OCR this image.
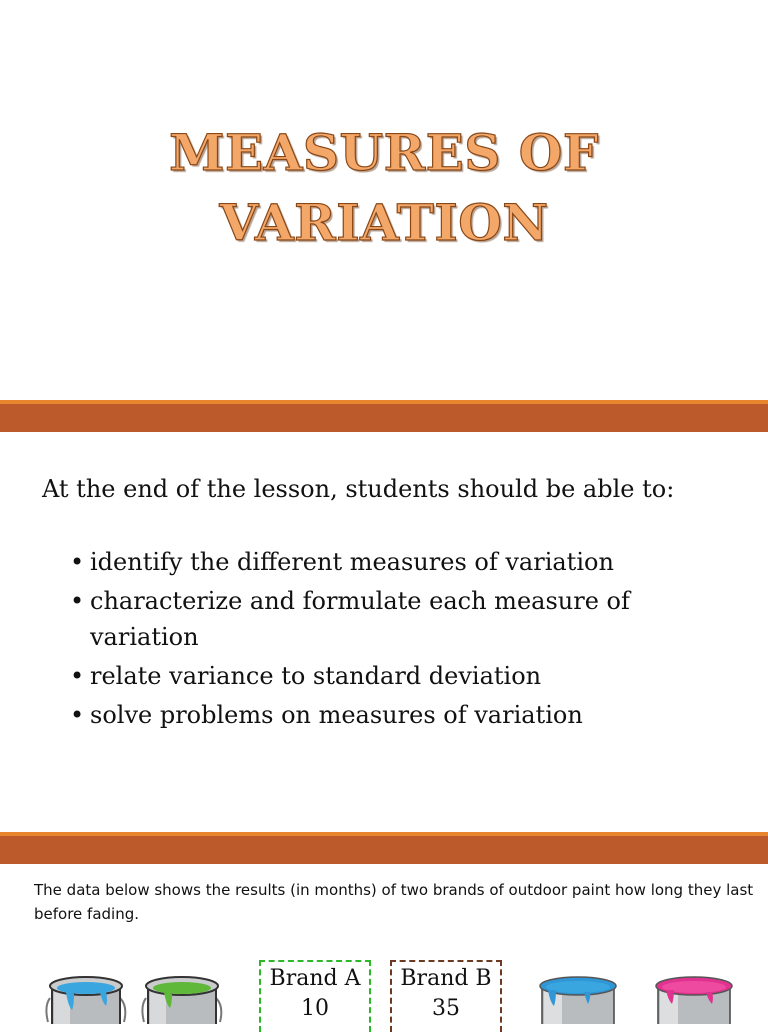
MEASURES OF
VARIATION

At the end of the lesson, students should be able to:

• identify the different measures of variation
• characterize and formulate each measure of variation
• relate variance to standard deviation
• solve problems on measures of variation

The data below shows the results (in months) of two brands of outdoor paint how long they last before fading.

Brand A
10
Brand B
35
